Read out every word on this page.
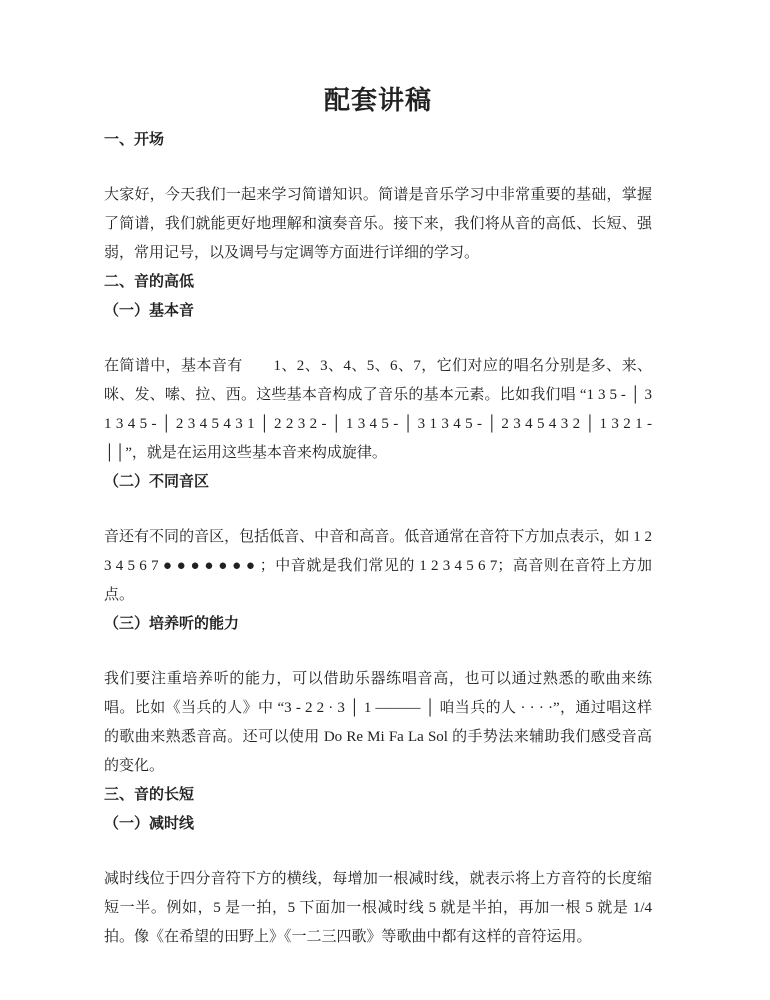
配套讲稿
一、开场

大家好，今天我们一起来学习简谱知识。简谱是音乐学习中非常重要的基础，掌握了简谱，我们就能更好地理解和演奏音乐。接下来，我们将从音的高低、长短、强弱，常用记号，以及调号与定调等方面进行详细的学习。

二、音的高低
（一）基本音

在简谱中，基本音有　　1、2、3、4、5、6、7，它们对应的唱名分别是多、来、咪、发、嗦、拉、西。这些基本音构成了音乐的基本元素。比如我们唱 “1 3 5 - │ 3 1 3 4 5 - │ 2 3 4 5 4 3 1 │ 2 2 3 2 - │ 1 3 4 5 - │ 3 1 3 4 5 - │ 2 3 4 5 4 3 2 │ 1 3 2 1 - ││”，就是在运用这些基本音来构成旋律。

（二）不同音区

音还有不同的音区，包括低音、中音和高音。低音通常在音符下方加点表示，如 1 2 3 4 5 6 7 ● ● ● ● ● ● ● ；中音就是我们常见的 1 2 3 4 5 6 7；高音则在音符上方加点。

（三）培养听的能力

我们要注重培养听的能力，可以借助乐器练唱音高，也可以通过熟悉的歌曲来练唱。比如《当兵的人》中 “3 - 2 2 · 3 │ 1 ——— │ 咱当兵的人 · · · ·”，通过唱这样的歌曲来熟悉音高。还可以使用 Do Re Mi Fa La Sol 的手势法来辅助我们感受音高的变化。

三、音的长短
（一）减时线

减时线位于四分音符下方的横线，每增加一根减时线，就表示将上方音符的长度缩短一半。例如，5 是一拍，5 下面加一根减时线 5 就是半拍，再加一根 5 就是 1/4 拍。像《在希望的田野上》《一二三四歌》等歌曲中都有这样的音符运用。
